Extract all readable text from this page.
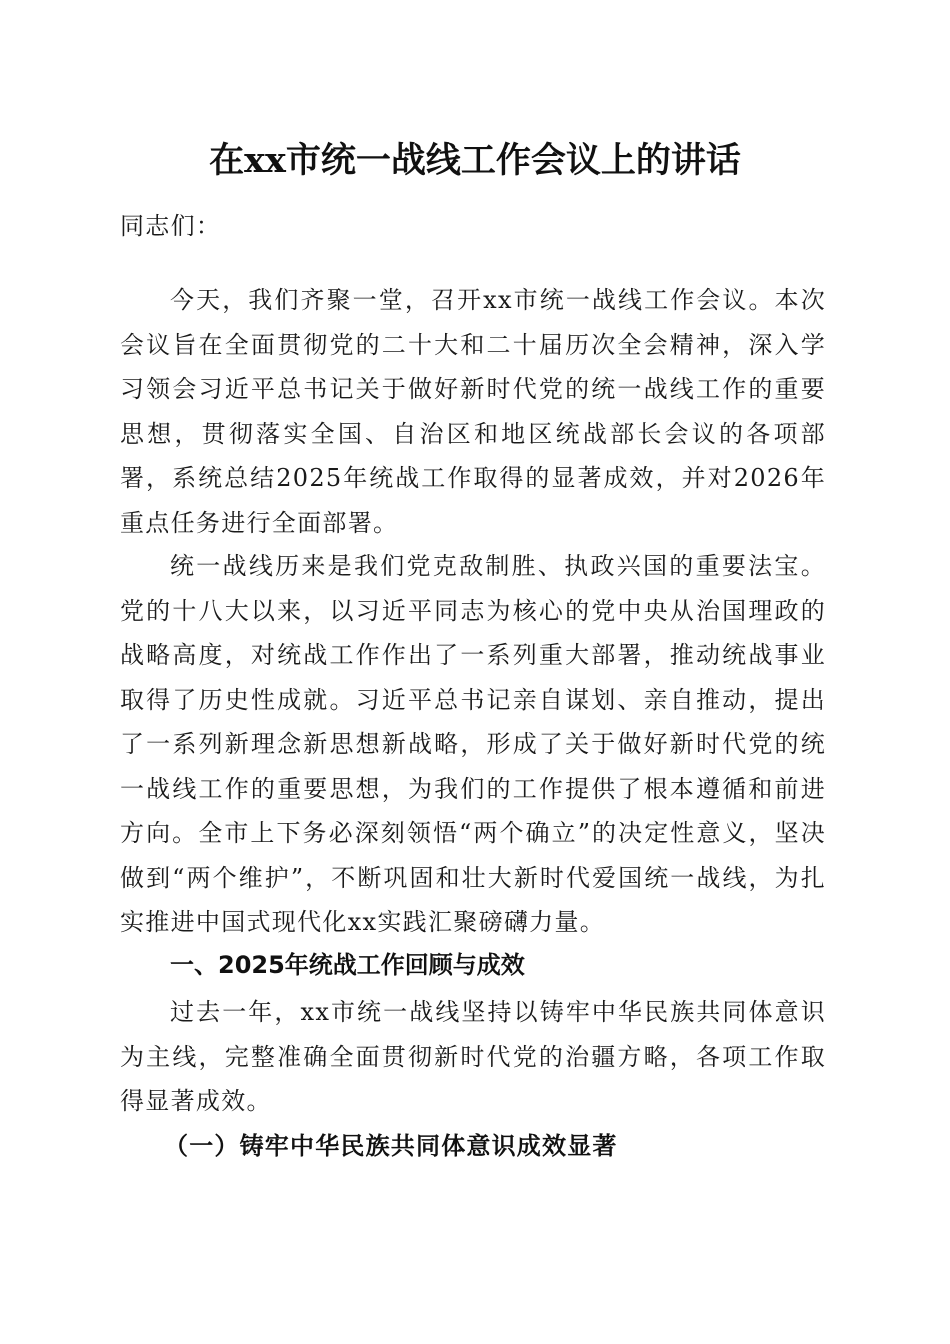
在xx市统一战线工作会议上的讲话

同志们：

今天，我们齐聚一堂，召开xx市统一战线工作会议。本次会议旨在全面贯彻党的二十大和二十届历次全会精神，深入学习领会习近平总书记关于做好新时代党的统一战线工作的重要思想，贯彻落实全国、自治区和地区统战部长会议的各项部署，系统总结2025年统战工作取得的显著成效，并对2026年重点任务进行全面部署。

统一战线历来是我们党克敌制胜、执政兴国的重要法宝。党的十八大以来，以习近平同志为核心的党中央从治国理政的战略高度，对统战工作作出了一系列重大部署，推动统战事业取得了历史性成就。习近平总书记亲自谋划、亲自推动，提出了一系列新理念新思想新战略，形成了关于做好新时代党的统一战线工作的重要思想，为我们的工作提供了根本遵循和前进方向。全市上下务必深刻领悟“两个确立”的决定性意义，坚决做到“两个维护”，不断巩固和壮大新时代爱国统一战线，为扎实推进中国式现代化xx实践汇聚磅礴力量。

一、2025年统战工作回顾与成效

过去一年，xx市统一战线坚持以铸牢中华民族共同体意识为主线，完整准确全面贯彻新时代党的治疆方略，各项工作取得显著成效。

（一）铸牢中华民族共同体意识成效显著
